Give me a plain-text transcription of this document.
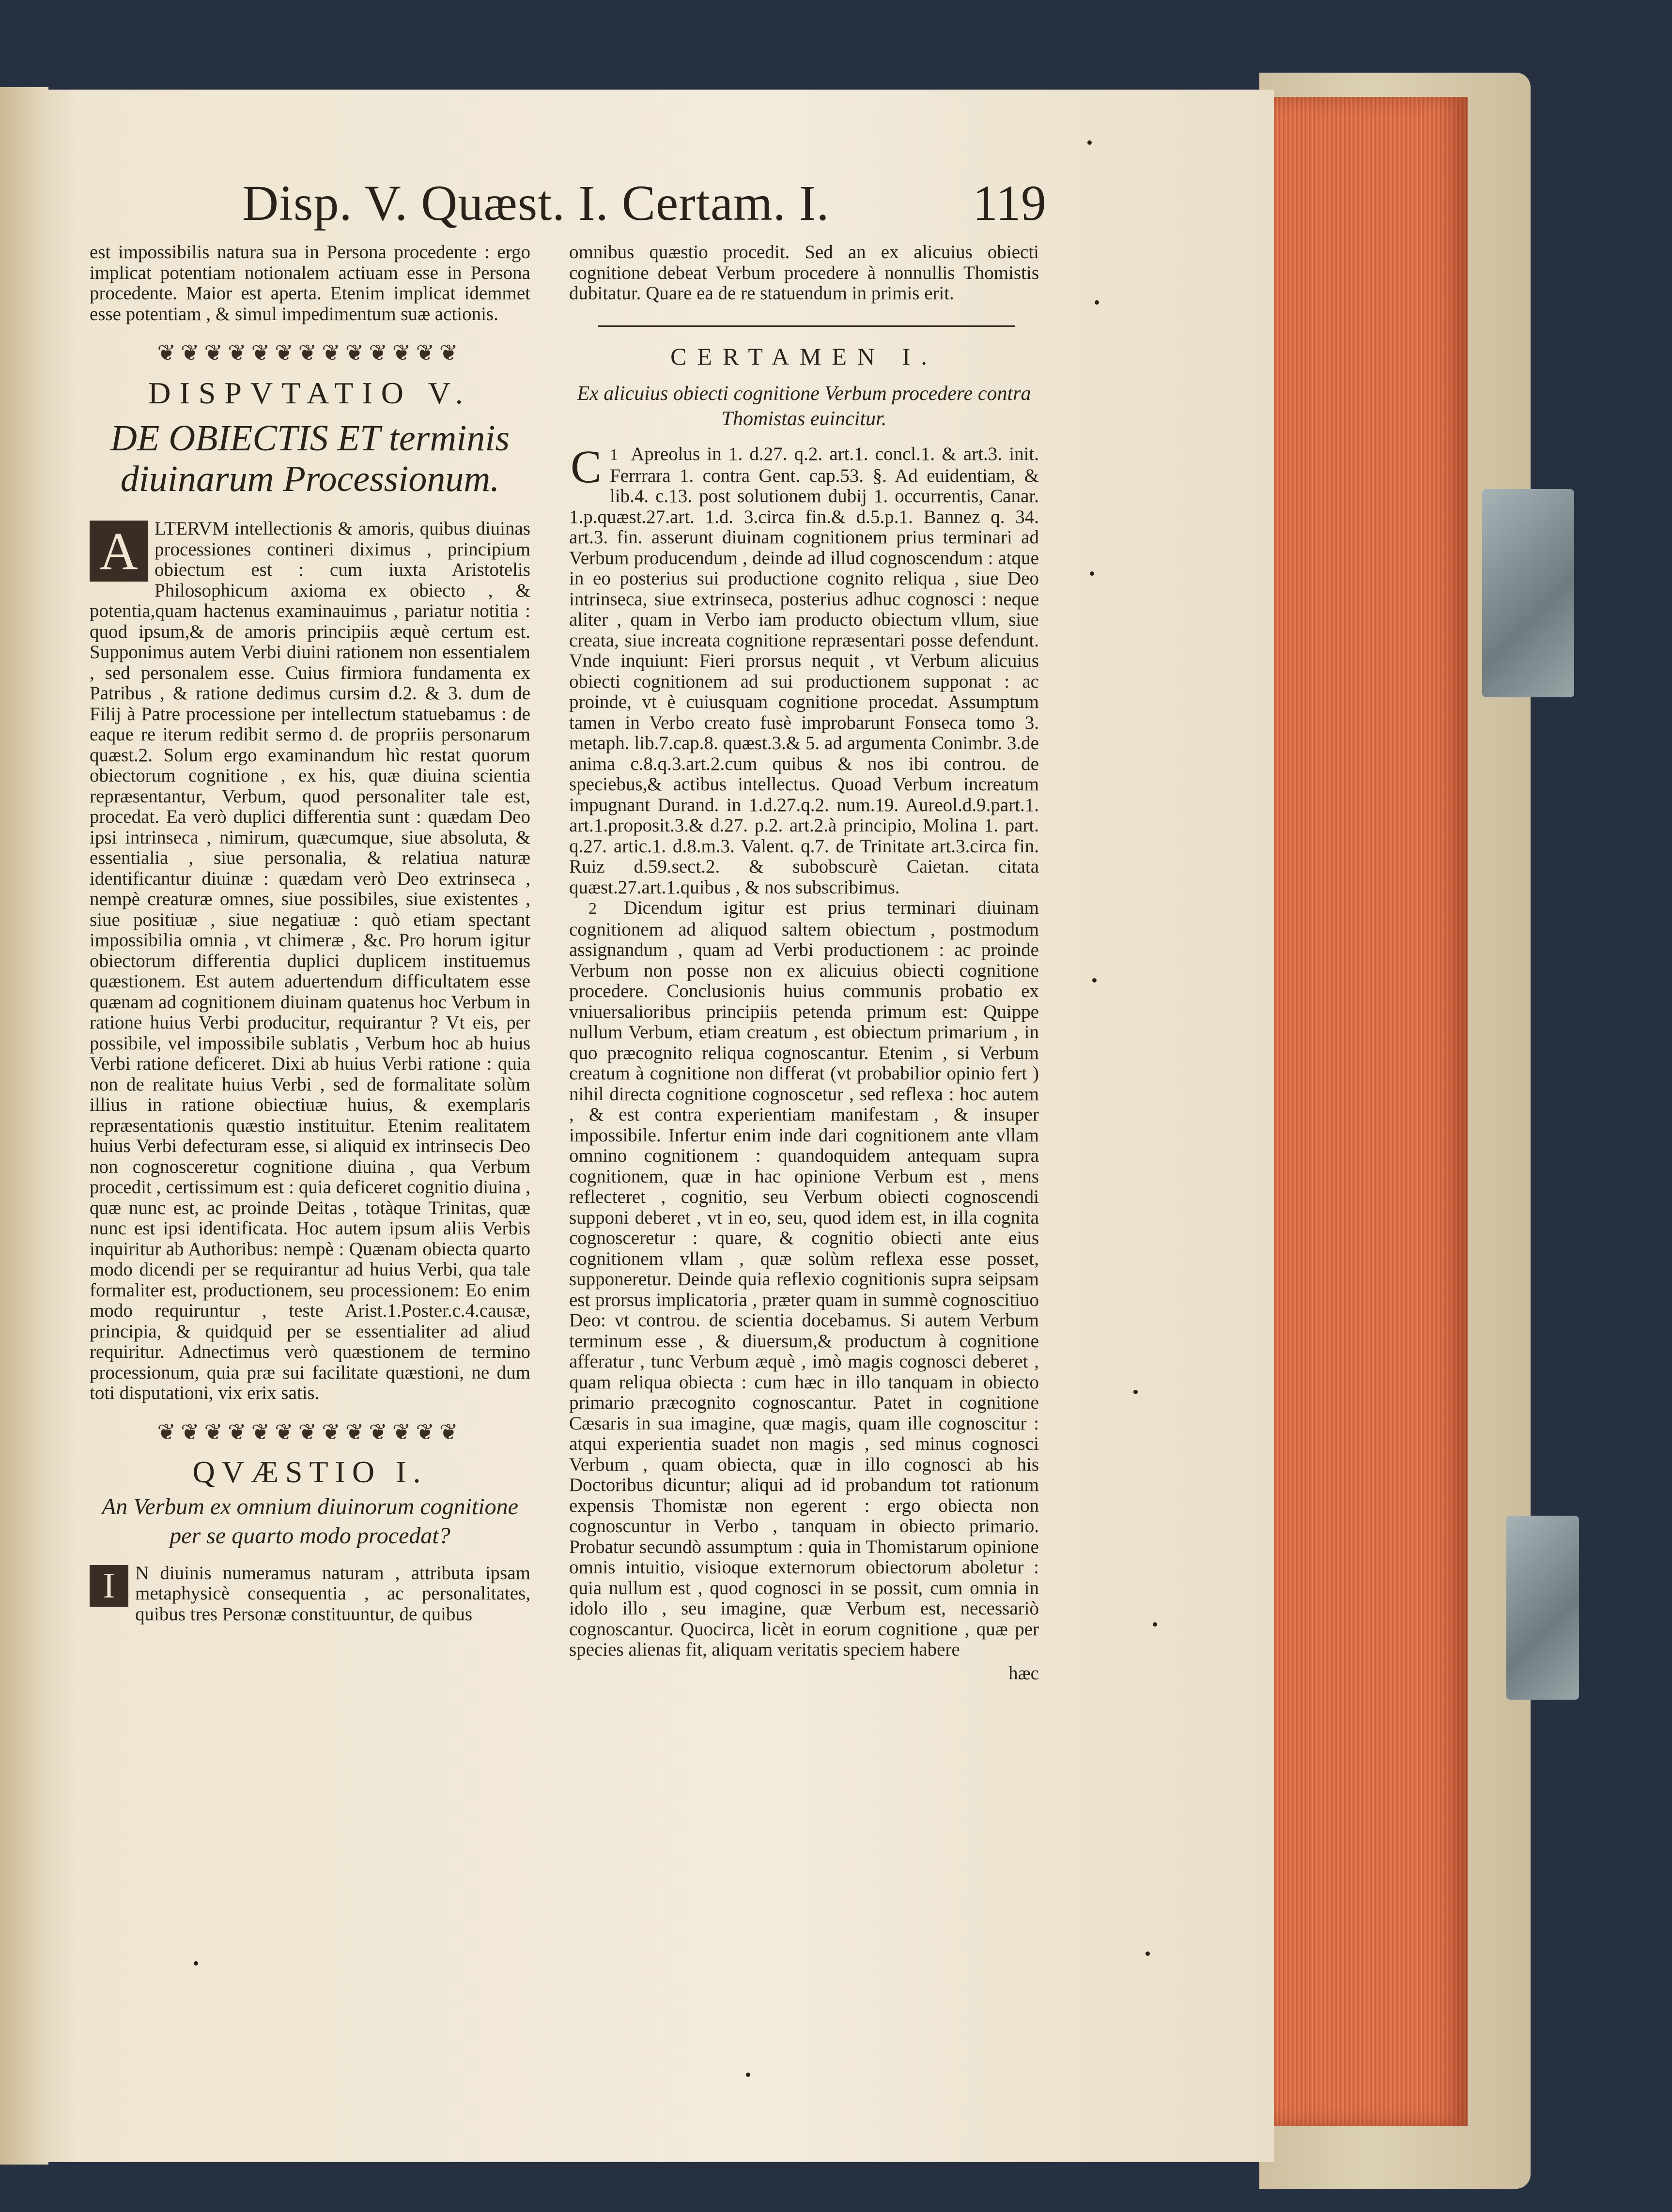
Disp. V. Quæst. I. Certam. I.	119

est impossibilis natura sua in Persona procedente : ergo implicat potentiam notionalem actiuam esse in Persona procedente. Maior est aperta. Etenim implicat idemmet esse potentiam , & simul impedimentum suæ actionis.

❦❦❦❦❦❦❦❦❦❦❦❦❦
DISPVTATIO V.
DE OBIECTIS ET terminis diuinarum Processionum.

A LTERVM intellectionis & amoris, quibus diuinas processiones contineri diximus , principium obiectum est : cum iuxta Aristotelis Philosophicum axioma ex obiecto , & potentia,quam hactenus examinauimus , pariatur notitia : quod ipsum,& de amoris principiis æquè certum est. Supponimus autem Verbi diuini rationem non essentialem , sed personalem esse. Cuius firmiora fundamenta ex Patribus , & ratione dedimus cursim d.2. & 3. dum de Filij à Patre processione per intellectum statuebamus : de eaque re iterum redibit sermo d. de propriis personarum quæst.2. Solum ergo examinandum hìc restat quorum obiectorum cognitione , ex his, quæ diuina scientia repræsentantur, Verbum, quod personaliter tale est, procedat. Ea verò duplici differentia sunt : quædam Deo ipsi intrinseca , nimirum, quæcumque, siue absoluta, & essentialia , siue personalia, & relatiua naturæ identificantur diuinæ : quædam verò Deo extrinseca , nempè creaturæ omnes, siue possibiles, siue existentes , siue positiuæ , siue negatiuæ : quò etiam spectant impossibilia omnia , vt chimeræ , &c. Pro horum igitur obiectorum differentia duplici duplicem instituemus quæstionem. Est autem aduertendum difficultatem esse quænam ad cognitionem diuinam quatenus hoc Verbum in ratione huius Verbi producitur, requirantur ? Vt eis, per possibile, vel impossibile sublatis , Verbum hoc ab huius Verbi ratione deficeret. Dixi ab huius Verbi ratione : quia non de realitate huius Verbi , sed de formalitate solùm illius in ratione obiectiuæ huius, & exemplaris repræsentationis quæstio instituitur. Etenim realitatem huius Verbi defecturam esse, si aliquid ex intrinsecis Deo non cognosceretur cognitione diuina , qua Verbum procedit , certissimum est : quia deficeret cognitio diuina , quæ nunc est, ac proinde Deitas , totàque Trinitas, quæ nunc est ipsi identificata. Hoc autem ipsum aliis Verbis inquiritur ab Authoribus: nempè : Quænam obiecta quarto modo dicendi per se requirantur ad huius Verbi, qua tale formaliter est, productionem, seu processionem: Eo enim modo requiruntur , teste Arist.1.Poster.c.4.causæ, principia, & quidquid per se essentialiter ad aliud requiritur. Adnectimus verò quæstionem de termino processionum, quia præ sui facilitate quæstioni, ne dum toti disputationi, vix erix satis.

❦❦❦❦❦❦❦❦❦❦❦❦❦
QVÆSTIO I.
An Verbum ex omnium diuinorum cognitione per se quarto modo procedat?

I	N diuinis numeramus naturam , attributa ipsam metaphysicè consequentia , ac personalitates, quibus tres Personæ constituuntur, de quibus

omnibus quæstio procedit. Sed an ex alicuius obiecti cognitione debeat Verbum procedere à nonnullis Thomistis dubitatur. Quare ea de re statuendum in primis erit.

CERTAMEN I.
Ex alicuius obiecti cognitione Verbum procedere contra Thomistas euincitur.

1
C Apreolus in 1. d.27. q.2. art.1. concl.1. & art.3. init. Ferrrara 1. contra Gent. cap.53. §. Ad euidentiam, & lib.4. c.13. post solutionem dubij 1. occurrentis, Canar. 1.p.quæst.27.art. 1.d. 3.circa fin.& d.5.p.1. Bannez q. 34. art.3. fin. asserunt diuinam cognitionem prius terminari ad Verbum producendum , deinde ad illud cognoscendum : atque in eo posterius sui productione cognito reliqua , siue Deo intrinseca, siue extrinseca, posterius adhuc cognosci : neque aliter , quam in Verbo iam producto obiectum vllum, siue creata, siue increata cognitione repræsentari posse defendunt. Vnde inquiunt: Fieri prorsus nequit , vt Verbum alicuius obiecti cognitionem ad sui productionem supponat : ac proinde, vt è cuiusquam cognitione procedat. Assumptum tamen in Verbo creato fusè improbarunt Fonseca tomo 3. metaph. lib.7.cap.8. quæst.3.& 5. ad argumenta Conimbr. 3.de anima c.8.q.3.art.2.cum quibus & nos ibi controu. de speciebus,& actibus intellectus. Quoad Verbum increatum impugnant Durand. in 1.d.27.q.2. num.19. Aureol.d.9.part.1. art.1.proposit.3.& d.27. p.2. art.2.à principio, Molina 1. part. q.27. artic.1. d.8.m.3. Valent. q.7. de Trinitate art.3.circa fin. Ruiz d.59.sect.2. & subobscurè Caietan. citata quæst.27.art.1.quibus , & nos subscribimus.

2 Dicendum igitur est prius terminari diuinam cognitionem ad aliquod saltem obiectum , postmodum assignandum , quam ad Verbi productionem : ac proinde Verbum non posse non ex alicuius obiecti cognitione procedere. Conclusionis huius communis probatio ex vniuersalioribus principiis petenda primum est: Quippe nullum Verbum, etiam creatum , est obiectum primarium , in quo præcognito reliqua cognoscantur. Etenim , si Verbum creatum à cognitione non differat (vt probabilior opinio fert ) nihil directa cognitione cognoscetur , sed reflexa : hoc autem , & est contra experientiam manifestam , & insuper impossibile. Infertur enim inde dari cognitionem ante vllam omnino cognitionem : quandoquidem antequam supra cognitionem, quæ in hac opinione Verbum est , mens reflecteret , cognitio, seu Verbum obiecti cognoscendi supponi deberet , vt in eo, seu, quod idem est, in illa cognita cognosceretur : quare, & cognitio obiecti ante eius cognitionem vllam , quæ solùm reflexa esse posset, supponeretur. Deinde quia reflexio cognitionis supra seipsam est prorsus implicatoria , præter quam in summè cognoscitiuo Deo: vt controu. de scientia docebamus. Si autem Verbum terminum esse , & diuersum,& productum à cognitione afferatur , tunc Verbum æquè , imò magis cognosci deberet , quam reliqua obiecta : cum hæc in illo tanquam in obiecto primario præcognito cognoscantur. Patet in cognitione Cæsaris in sua imagine, quæ magis, quam ille cognoscitur : atqui experientia suadet non magis , sed minus cognosci Verbum , quam obiecta, quæ in illo cognosci ab his Doctoribus dicuntur; aliqui ad id probandum tot rationum expensis Thomistæ non egerent : ergo obiecta non cognoscuntur in Verbo , tanquam in obiecto primario. Probatur secundò assumptum : quia in Thomistarum opinione omnis intuitio, visioque externorum obiectorum aboletur : quia nullum est , quod cognosci in se possit, cum omnia in idolo illo , seu imagine, quæ Verbum est, necessariò cognoscantur. Quocirca, licèt in eorum cognitione , quæ per species alienas fit, aliquam veritatis speciem habere

hæc
